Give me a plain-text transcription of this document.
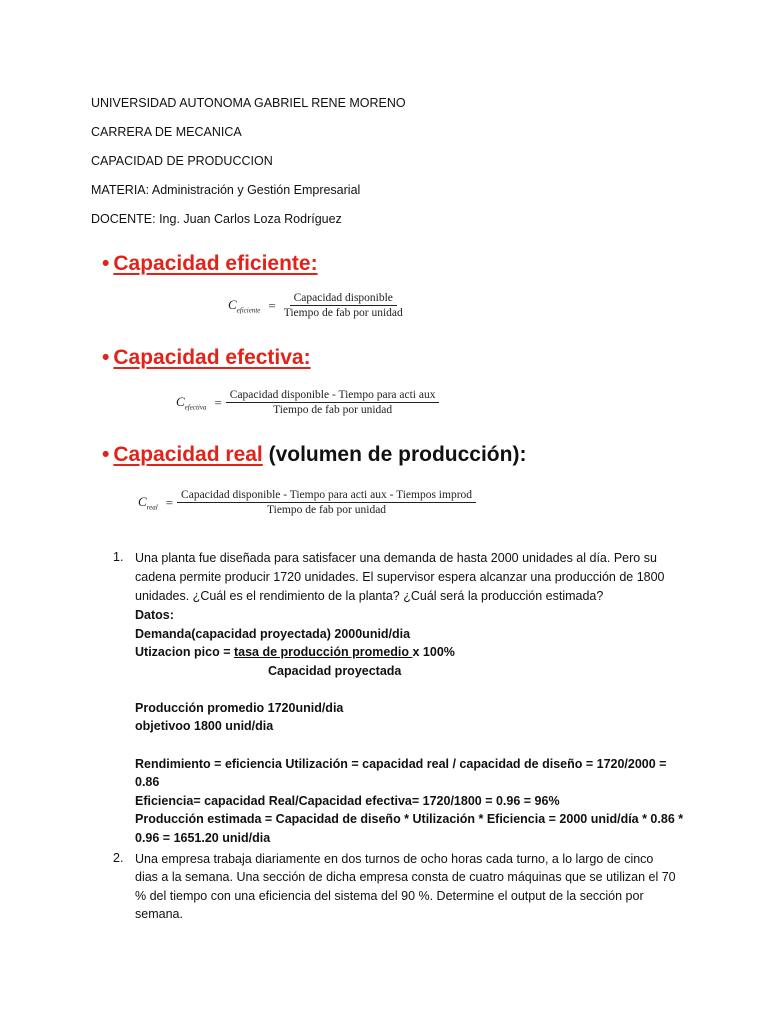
UNIVERSIDAD AUTONOMA GABRIEL RENE MORENO
CARRERA DE MECANICA
CAPACIDAD DE PRODUCCION
MATERIA: Administración y Gestión Empresarial
DOCENTE: Ing. Juan Carlos Loza Rodríguez
• Capacidad eficiente:
$C_{eficiente} = \frac{\text{Capacidad disponible}}{\text{Tiempo de fab por unidad}}$
• Capacidad efectiva:
$C_{efectiva} = \frac{\text{Capacidad disponible - Tiempo para acti aux}}{\text{Tiempo de fab por unidad}}$
• Capacidad real (volumen de producción):
$C_{real}$ = Capacidad disponible - Tiempo para acti aux - Tiempos improd
Tiempo de fab por unidad
1. Una planta fue diseñada para satisfacer una demanda de hasta 2000 unidades al día. Pero su
cadena permite producir 1720 unidades. El supervisor espera alcanzar una producción de 1800
unidades. ¿Cuál es el rendimiento de la planta? ¿Cuál será la producción estimada?
Datos:
Demanda(capacidad proyectada) 2000unid/dia
Utizacion pico = tasa de producción promedio x 100%
Capacidad proyectada
Producción promedio 1720unid/dia
objetivoo 1800 unid/dia
Rendimiento = eficiencia Utilización = capacidad real / capacidad de diseño = 1720/2000 =
0.86
Eficiencia= capacidad Real/Capacidad efectiva= 1720/1800 = 0.96 = 96%
Producción estimada = Capacidad de diseño * Utilización * Eficiencia = 2000 unid/día * 0.86 *
0.96 = 1651.20 unid/dia
2. Una empresa trabaja diariamente en dos turnos de ocho horas cada turno, a lo largo de cinco
dias a la semana. Una sección de dicha empresa consta de cuatro máquinas que se utilizan el 70
% del tiempo con una eficiencia del sistema del 90 %. Determine el output de la sección por
semana.
